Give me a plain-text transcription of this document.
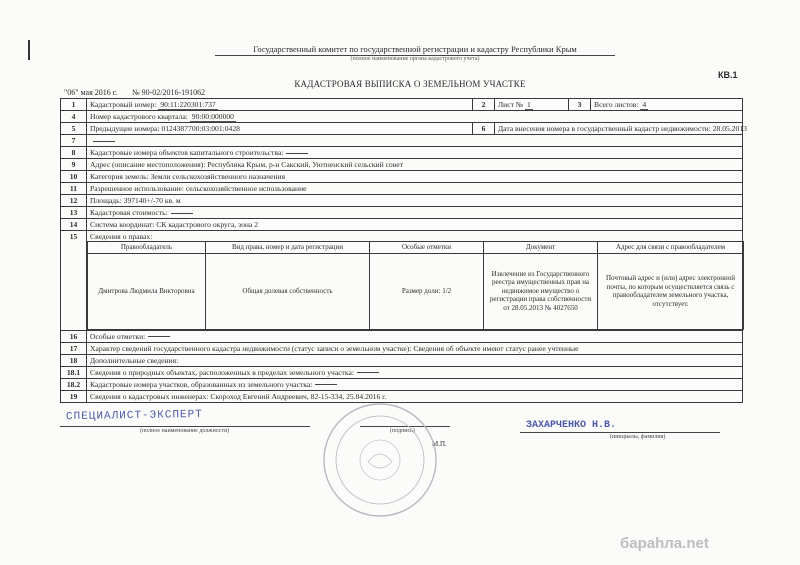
Государственный комитет по государственной регистрации и кадастру Республики Крым
(полное наименование органа кадастрового учета)
КВ.1
КАДАСТРОВАЯ ВЫПИСКА О ЗЕМЕЛЬНОМ УЧАСТКЕ
"06" мая 2016 г. № 90-02/2016-191062
1	Кадастровый номер: 90:11:220301:737	2	Лист № 1	3	Всего листов: 4
4	Номер кадастрового квартала: 90:00:000000
5	Предыдущие номера: 0124387700:03:001:0428	6	Дата внесения номера в государственный кадастр недвижимости: 28.05.2013
7	
8	Кадастровые номера объектов капитального строительства:
9	Адрес (описание местоположения): Республика Крым, р-н Сакский, Уютненский сельский совет
10	Категория земель: Земли сельскохозяйственного назначения
11	Разрешенное использование: сельскохозяйственное использование
12	Площадь: 397140+/-70 кв. м
13	Кадастровая стоимость:
14	Система координат: СК кадастрового округа, зона 2
15	Сведения о правах:
Правообладатель	Вид права, номер и дата регистрации	Особые отметки	Документ	Адрес для связи с правообладателем
Дмитрова Людмила Викторовна	Общая долевая собственность	Размер доли: 1/2	Извлечение из Государственного реестра имущественных прав на недвижимое имущество о регистрации права собственности от 28.05.2013 № 4027650	Почтовый адрес и (или) адрес электронной почты, по которым осуществляется связь с правообладателем земельного участка, отсутствует.

16	Особые отметки:
17	Характер сведений государственного кадастра недвижимости (статус записи о земельном участке): Сведения об объекте имеют статус ранее учтенные
18	Дополнительные сведения:
18.1	Сведения о природных объектах, расположенных в пределах земельного участка:
18.2	Кадастровые номера участков, образованных из земельного участка:
19	Сведения о кадастровых инженерах: Скороход Евгений Андреевич, 82-15-334, 25.04.2016 г.
СПЕЦИАЛИСТ-ЭКСПЕРТ
(полное наименование должности)	(подпись)	ЗАХАРЧЕНКО Н.В.
(инициалы, фамилия)
М.П.
бараhла.net
